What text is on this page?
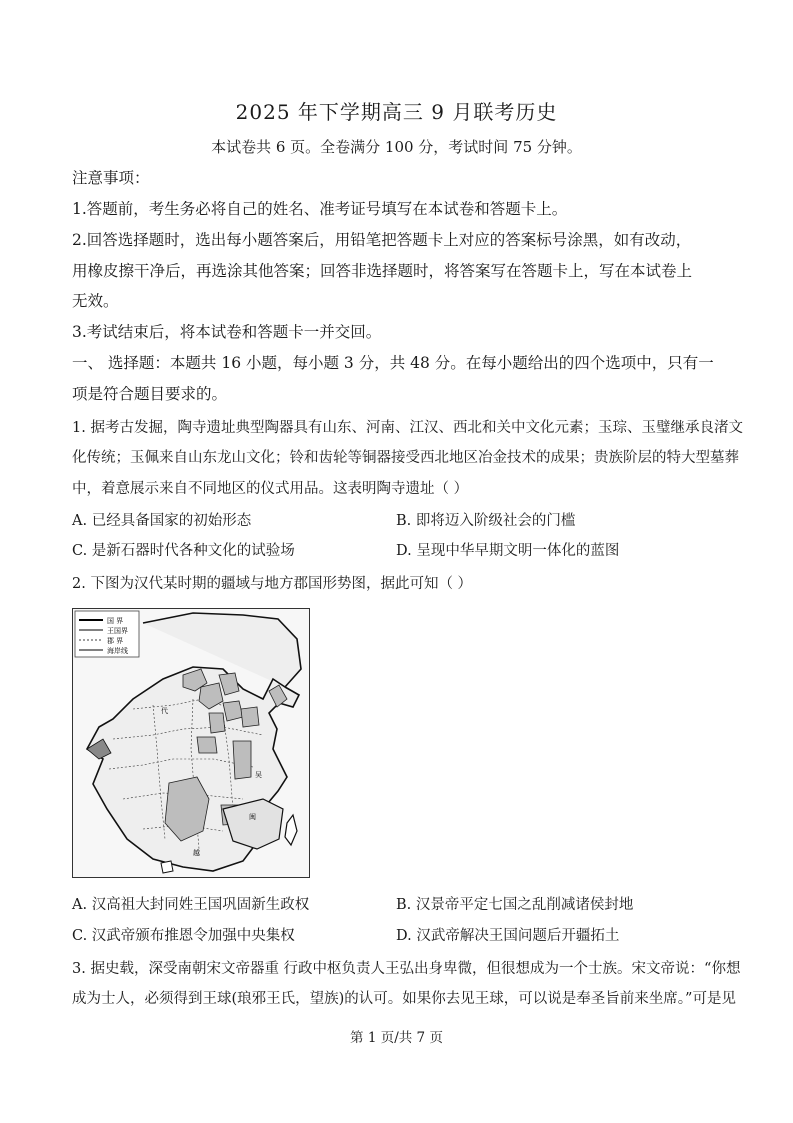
2025 年下学期高三 9 月联考历史
本试卷共 6 页。全卷满分 100 分，考试时间 75 分钟。
注意事项：
1.答题前，考生务必将自己的姓名、准考证号填写在本试卷和答题卡上。
2.回答选择题时，选出每小题答案后，用铅笔把答题卡上对应的答案标号涂黑，如有改动，
用橡皮擦干净后，再选涂其他答案；回答非选择题时，将答案写在答题卡上，写在本试卷上
无效。
3.考试结束后，将本试卷和答题卡一并交回。
一、 选择题：本题共 16 小题，每小题 3 分，共 48 分。在每小题给出的四个选项中，只有一
项是符合题目要求的。
1. 据考古发掘，陶寺遗址典型陶器具有山东、河南、江汉、西北和关中文化元素；玉琮、玉璧继承良渚文
化传统；玉佩来自山东龙山文化；铃和齿轮等铜器接受西北地区冶金技术的成果；贵族阶层的特大型墓葬
中，着意展示来自不同地区的仪式用品。这表明陶寺遗址（ ）
A. 已经具备国家的初始形态	B. 即将迈入阶级社会的门槛
C. 是新石器时代各种文化的试验场	D. 呈现中华早期文明一体化的蓝图
2. 下图为汉代某时期的疆域与地方郡国形势图，据此可知（ ）
国 界
王国界
郡 界
海岸线
代
吴
闽
越
A. 汉高祖大封同姓王国巩固新生政权	B. 汉景帝平定七国之乱削减诸侯封地
C. 汉武帝颁布推恩令加强中央集权	D. 汉武帝解决王国问题后开疆拓土
3. 据史载，深受南朝宋文帝器重 行政中枢负责人王弘出身卑微，但很想成为一个士族。宋文帝说：“你想
成为士人，必须得到王球(琅邪王氏，望族)的认可。如果你去见王球，可以说是奉圣旨前来坐席。”可是见
第 1 页/共 7 页
